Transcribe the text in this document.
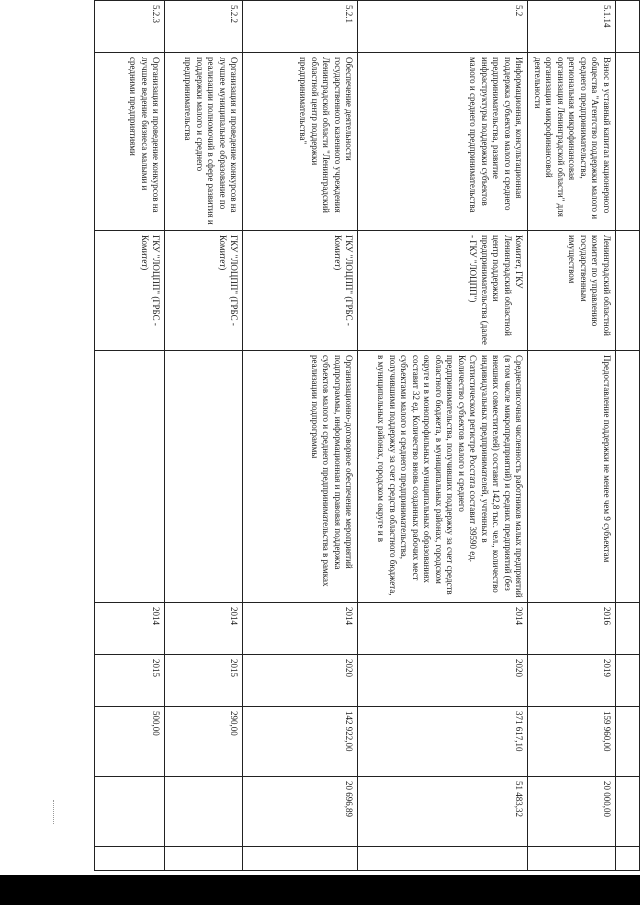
5.1.14	Взнос в уставный капитал акционерного общества "Агентство поддержки малого и среднего предпринимательства, региональная микрофинансовая организация Ленинградской области" для организации микрофинансовой деятельности	Ленинградский областной комитет по управлению государственным имуществом	Предоставление поддержки не менее чем 9 субъектам	2016	2019	159 960,00	20 000,00	
5.2	Информационная, консультационная поддержка субъектов малого и среднего предпринимательства, развитие инфраструктуры поддержки субъектов малого и среднего предпринимательства	Комитет, ГКУ Ленинградский областной центр поддержки предпринимательства (далее - ГКУ "ЛОЦПП")	Среднесписочная численность работников малых предприятий (в том числе микропредприятий) и средних предприятий (без внешних совместителей) составит 142,8 тыс. чел., количество индивидуальных предпринимателей, учтенных в Статистическом регистре Росстата составит 39590 ед. Количество субъектов малого и среднего предпринимательства, получивших поддержку за счет средств областного бюджета, в муниципальных районах, городском округе и в монопрофильных муниципальных образованиях составит 32 ед. Количество вновь созданных рабочих мест субъектами малого и среднего предпринимательства, получившими поддержку за счет средств областного бюджета, в муниципальных районах, городском округе и в	2014	2020	371 617,10	51 483,32	
5.2.1	Обеспечение деятельности государственного казенного учреждения Ленинградской области "Ленинградский областной центр поддержки предпринимательства"	ГКУ "ЛОЦПП" (ГРБС - Комитет)	Организационно-договорное обеспечение мероприятий подпрограммы, информационная и правовая поддержка субъектов малого и среднего предпринимательства в рамках реализации подпрограммы	2014	2020	142 922,00	20 696,89	
5.2.2	Организация и проведение конкурсов на лучшее муниципальное образование по реализации полномочий в сфере развития и поддержки малого и среднего предпринимательства	ГКУ "ЛОЦПП" (ГРБС - Комитет)		2014	2015	290,00		
5.2.3	Организация и проведение конкурсов на лучшее ведение бизнеса малыми и средними предприятиями	ГКУ "ЛОЦПП" (ГРБС - Комитет)		2014	2015	500,00		
